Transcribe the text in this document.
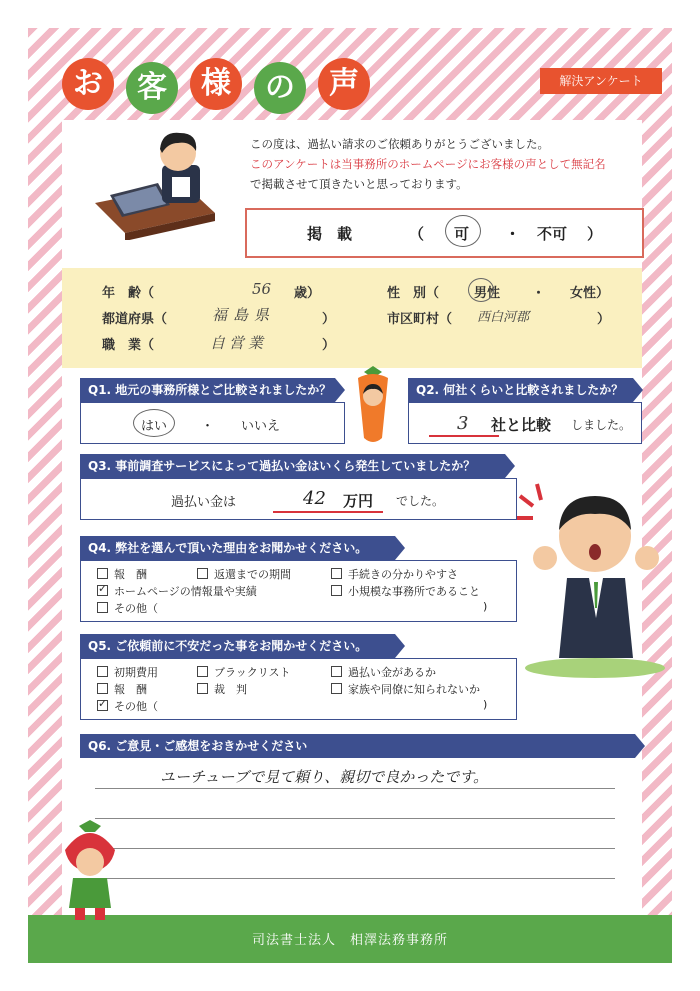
司法書士法人　相澤法務事務所
お	客	様	の	声	解決アンケート
この度は、過払い請求のご依頼ありがとうございました。
このアンケートは当事務所のホームページにお客様の声として無記名
で掲載させて頂きたいと思っております。
掲　載	（ 可 ・ 不可 ）
年　齢（	56 歳）	性　別（	男性 ・ 女性）
都道府県（	福島県	）	市区町村（ 西白河郡	）
職　業（	自営業	）
Q1. 地元の事務所様とご比較されましたか？
はい	・ いいえ
Q2. 何社くらいと比較されましたか？
3 社と比較 しました。
Q3. 事前調査サービスによって過払い金はいくら発生していましたか？
過払い金は	42 万円 でした。
Q4. 弊社を選んで頂いた理由をお聞かせください。
報　酬	返還までの期間	手続きの分かりやすさ
✓ホームページの情報量や実績	小規模な事務所であること
その他（	)
Q5. ご依頼前に不安だった事をお聞かせください。
初期費用	ブラックリスト	過払い金があるか
報　酬	裁　判	家族や同僚に知られないか
✓その他（	)
Q6. ご意見・ご感想をおきかせください
ユーチューブで見て頼り、親切で良かったです。
